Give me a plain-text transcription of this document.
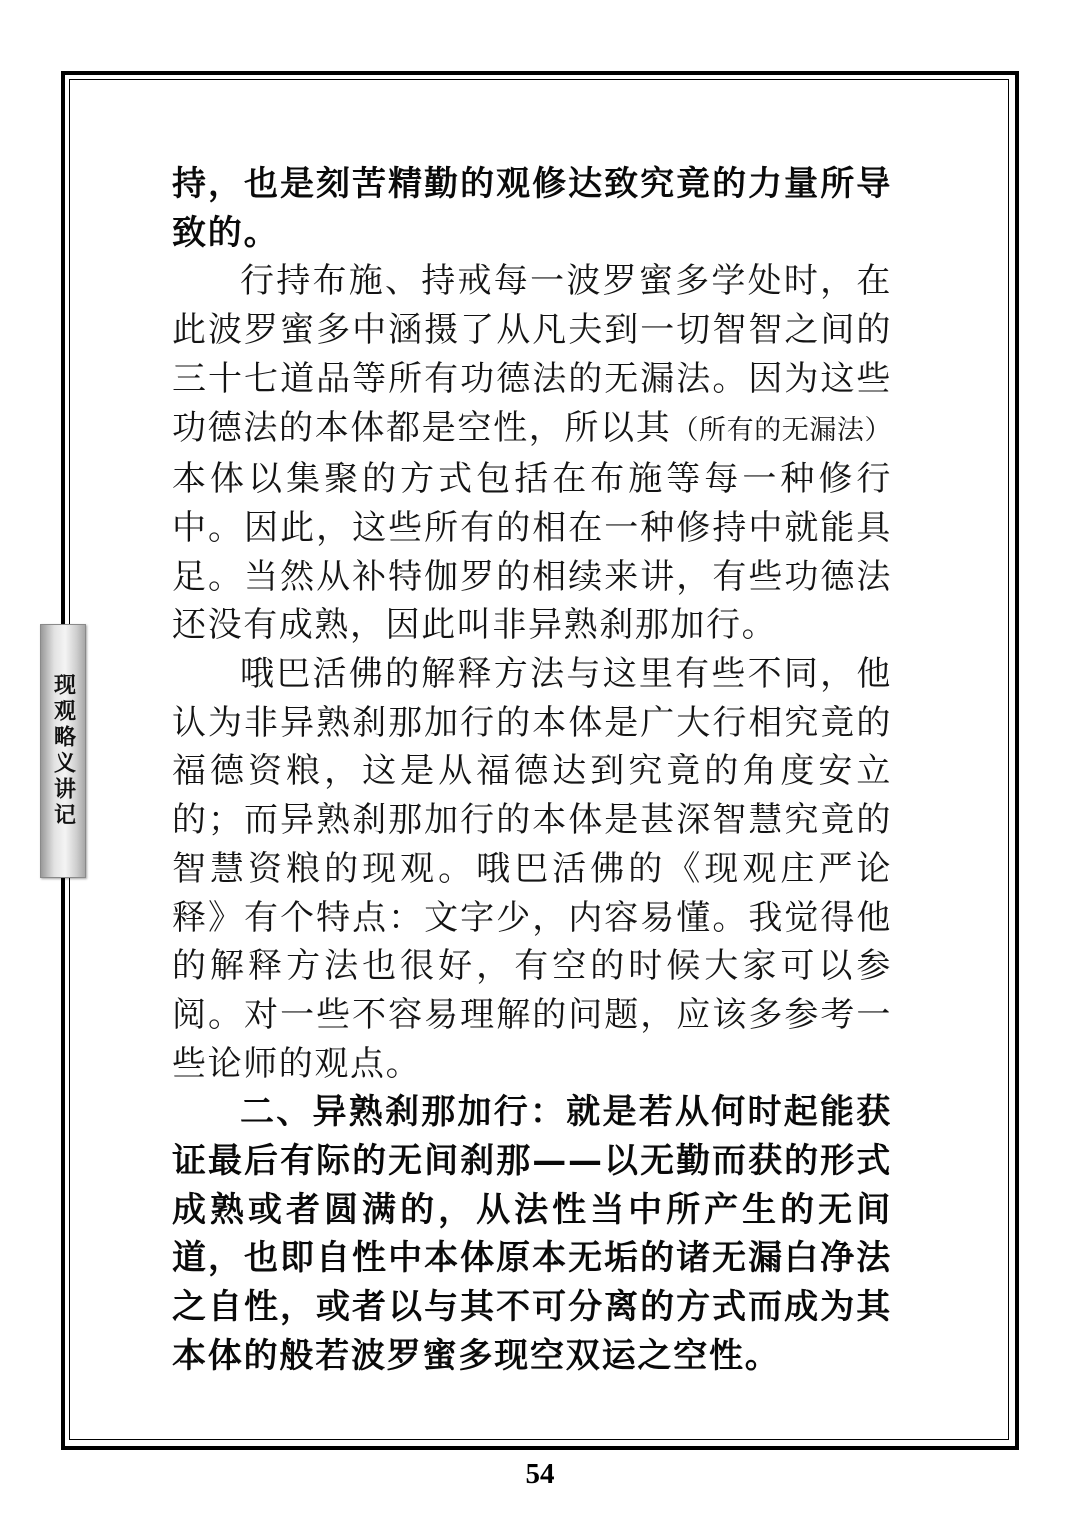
现观略义讲记

持，也是刻苦精勤的观修达致究竟的力量所导致的。

行持布施、持戒每一波罗蜜多学处时，在此波罗蜜多中涵摄了从凡夫到一切智智之间的三十七道品等所有功德法的无漏法。因为这些功德法的本体都是空性，所以其（所有的无漏法）本体以集聚的方式包括在布施等每一种修行中。因此，这些所有的相在一种修持中就能具足。当然从补特伽罗的相续来讲，有些功德法还没有成熟，因此叫非异熟刹那加行。

哦巴活佛的解释方法与这里有些不同，他认为非异熟刹那加行的本体是广大行相究竟的福德资粮，这是从福德达到究竟的角度安立的；而异熟刹那加行的本体是甚深智慧究竟的智慧资粮的现观。哦巴活佛的《现观庄严论释》有个特点：文字少，内容易懂。我觉得他的解释方法也很好，有空的时候大家可以参阅。对一些不容易理解的问题，应该多参考一些论师的观点。

二、异熟刹那加行：就是若从何时起能获证最后有际的无间刹那——以无勤而获的形式成熟或者圆满的，从法性当中所产生的无间道，也即自性中本体原本无垢的诸无漏白净法之自性，或者以与其不可分离的方式而成为其本体的般若波罗蜜多现空双运之空性。

54
